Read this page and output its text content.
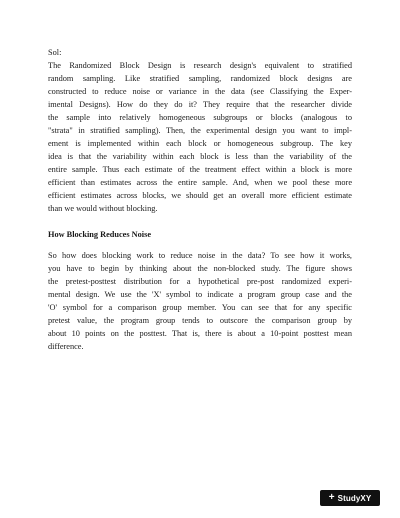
Sol:

The Randomized Block Design is research design's equivalent to stratified
random sampling. Like stratified sampling, randomized block designs are
constructed to reduce noise or variance in the data (see Classifying the Exper-
imental Designs). How do they do it? They require that the researcher divide
the sample into relatively homogeneous subgroups or blocks (analogous to
"strata" in stratified sampling). Then, the experimental design you want to impl-
ement is implemented within each block or homogeneous subgroup. The key
idea is that the variability within each block is less than the variability of the
entire sample. Thus each estimate of the treatment effect within a block is more
efficient than estimates across the entire sample. And, when we pool these more
efficient estimates across blocks, we should get an overall more efficient estimate
than we would without blocking.
How Blocking Reduces Noise
So how does blocking work to reduce noise in the data? To see how it works,
you have to begin by thinking about the non-blocked study. The figure shows
the pretest-posttest distribution for a hypothetical pre-post randomized experi-
mental design. We use the 'X' symbol to indicate a program group case and the
'O' symbol for a comparison group member. You can see that for any specific
pretest value, the program group tends to outscore the comparison group by
about 10 points on the posttest. That is, there is about a 10-point posttest mean
difference.
+ StudyXY
